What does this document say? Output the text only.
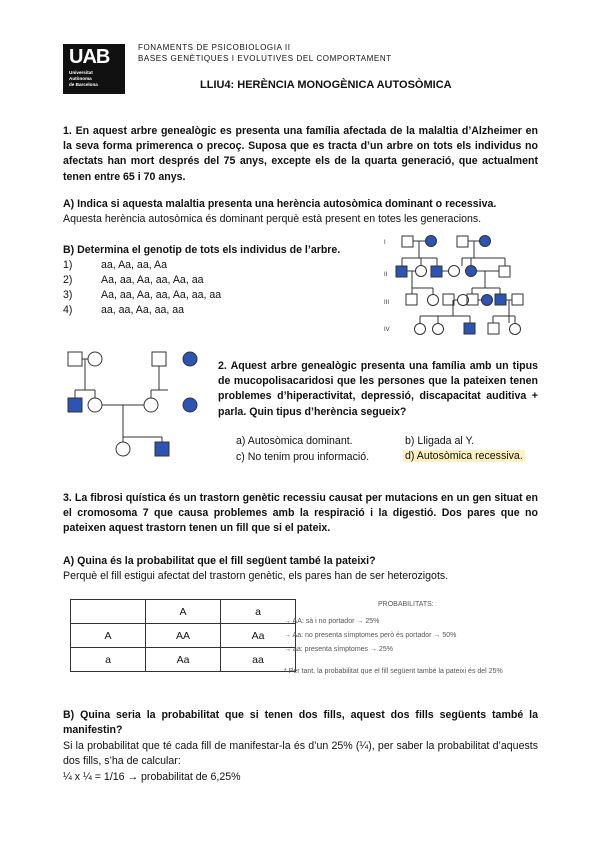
UAB
Universitat
Autònoma
de Barcelona
FONAMENTS DE PSICOBIOLOGIA II
BASES GENÈTIQUES I EVOLUTIVES DEL COMPORTAMENT
LLIU4: HERÈNCIA MONOGÈNICA AUTOSÒMICA
1. En aquest arbre genealògic es presenta una família afectada de la malaltia d’Alzheimer en la seva forma primerenca o precoç. Suposa que es tracta d’un arbre on tots els individus no afectats han mort després del 75 anys, excepte els de la quarta generació, que actualment tenen entre 65 i 70 anys.
A) Indica si aquesta malaltia presenta una herència autosòmica dominant o recessiva.
Aquesta herència autosòmica és dominant perquè està present en totes les generacions.
B) Determina el genotip de tots els individus de l’arbre.
1)	aa, Aa, aa, Aa
2)	Aa, aa, Aa, aa, Aa, aa
3)	Aa, aa, Aa, aa, Aa, aa, aa
4)	aa, aa, Aa, aa, aa
I
II
III
IV
2. Aquest arbre genealògic presenta una família amb un tipus de mucopolisacaridosi que les persones que la pateixen tenen problemes d’hiperactivitat, depressió, discapacitat auditiva + parla. Quin tipus d’herència segueix?
a) Autosòmica dominant.	b) Lligada al Y.
c) No tenim prou informació.	d) Autosòmica recessiva.
3. La fibrosi quística és un trastorn genètic recessiu causat per mutacions en un gen situat en el cromosoma 7 que causa problemes amb la respiració i la digestió. Dos pares que no pateixen aquest trastorn tenen un fill que si el pateix.
A) Quina és la probabilitat que el fill següent també la pateixi?
Perquè el fill estigui afectat del trastorn genètic, els pares han de ser heterozigots.
	A	a
A	AA	Aa
a	Aa	aa
PROBABILITATS:
→ AA: sà i no portador → 25%
→ Aa: no presenta símptomes però és portador → 50%
→ aa: presenta símptomes → 25%
* Per tant, la probabilitat que el fill següent també la pateixi és del 25%
B) Quina seria la probabilitat que si tenen dos fills, aquest dos fills següents també la manifestin?
Si la probabilitat que té cada fill de manifestar-la és d’un 25% (¼), per saber la probabilitat d’aquests dos fills, s’ha de calcular:
¼ x ¼ = 1/16 → probabilitat de 6,25%
